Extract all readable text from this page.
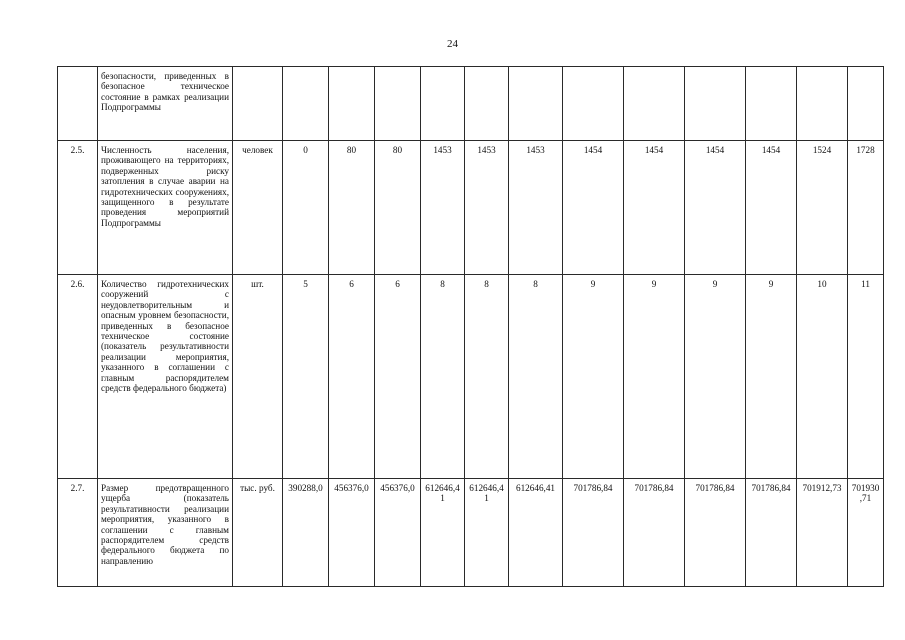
24
	безопасности, приведенных в безопасное техническое состояние в рамках реализации Подпрограммы													
2.5.	Численность населения, проживающего на территориях, подверженных риску затопления в случае аварии на гидротехнических сооружениях, защищенного в результате проведения мероприятий Подпрограммы	человек	0	80	80	1453	1453	1453	1454	1454	1454	1454	1524	1728
2.6.	Количество гидротехнических сооружений с неудовлетворительным и опасным уровнем безопасности, приведенных в безопасное техническое состояние (показатель результативности реализации мероприятия, указанного в соглашении с главным распорядителем средств федерального бюджета)	шт.	5	6	6	8	8	8	9	9	9	9	10	11
2.7.	Размер предотвращенного ущерба (показатель результативности реализации мероприятия, указанного в соглашении с главным распорядителем средств федерального бюджета по направлению	тыс. руб.	390288,0	456376,0	456376,0	612646,41	612646,41	612646,41	701786,84	701786,84	701786,84	701786,84	701912,73	701930,71
